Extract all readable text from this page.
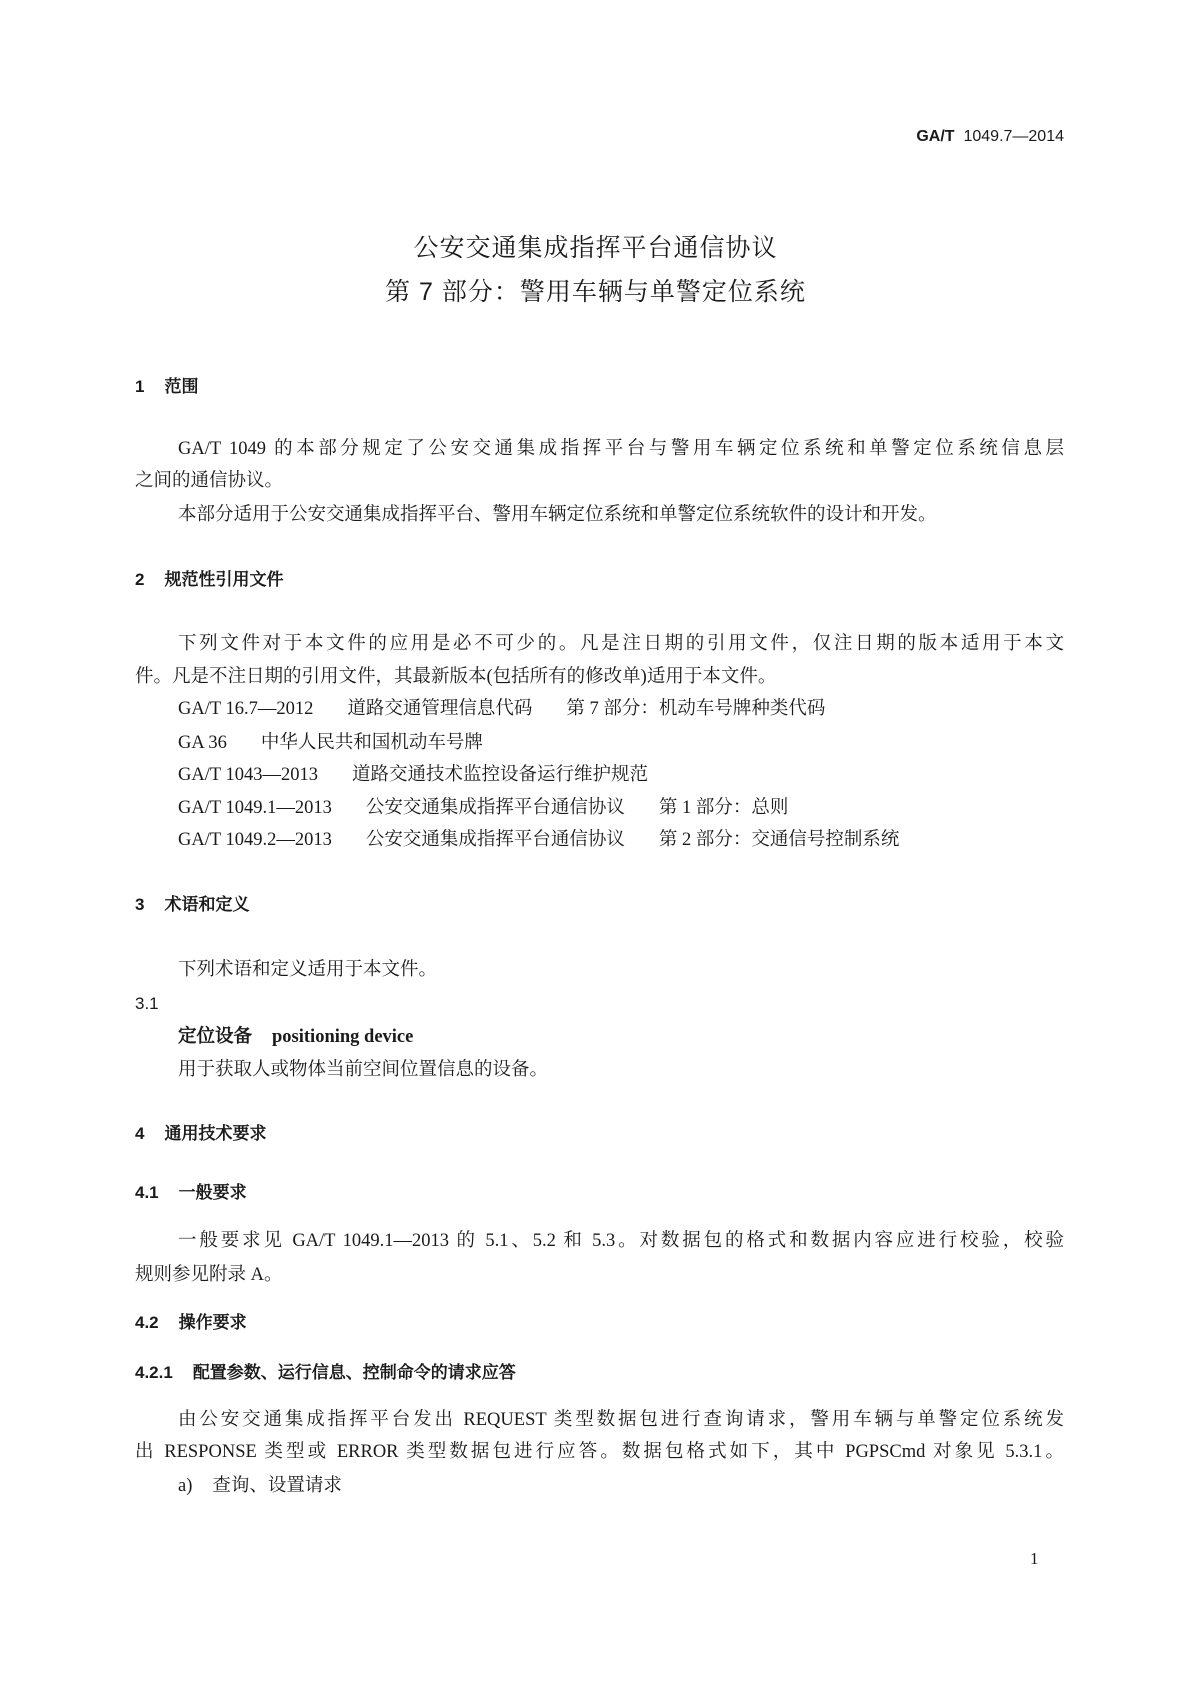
GA/T 1049.7—2014
公安交通集成指挥平台通信协议
第 7 部分：警用车辆与单警定位系统
1 范围
GA/T 1049 的本部分规定了公安交通集成指挥平台与警用车辆定位系统和单警定位系统信息层
之间的通信协议。
本部分适用于公安交通集成指挥平台、警用车辆定位系统和单警定位系统软件的设计和开发。
2 规范性引用文件
下列文件对于本文件的应用是必不可少的。凡是注日期的引用文件，仅注日期的版本适用于本文
件。凡是不注日期的引用文件，其最新版本(包括所有的修改单)适用于本文件。
GA/T 16.7—2012 道路交通管理信息代码 第 7 部分：机动车号牌种类代码
GA 36 中华人民共和国机动车号牌
GA/T 1043—2013 道路交通技术监控设备运行维护规范
GA/T 1049.1—2013 公安交通集成指挥平台通信协议 第 1 部分：总则
GA/T 1049.2—2013 公安交通集成指挥平台通信协议 第 2 部分：交通信号控制系统
3 术语和定义
下列术语和定义适用于本文件。
3.1
定位设备 positioning device
用于获取人或物体当前空间位置信息的设备。
4 通用技术要求
4.1 一般要求
一般要求见 GA/T 1049.1—2013 的 5.1、5.2 和 5.3。对数据包的格式和数据内容应进行校验，校验
规则参见附录 A。
4.2 操作要求
4.2.1 配置参数、运行信息、控制命令的请求应答
由公安交通集成指挥平台发出 REQUEST 类型数据包进行查询请求，警用车辆与单警定位系统发
出 RESPONSE 类型或 ERROR 类型数据包进行应答。数据包格式如下，其中 PGPSCmd 对象见 5.3.1。
a) 查询、设置请求
1
